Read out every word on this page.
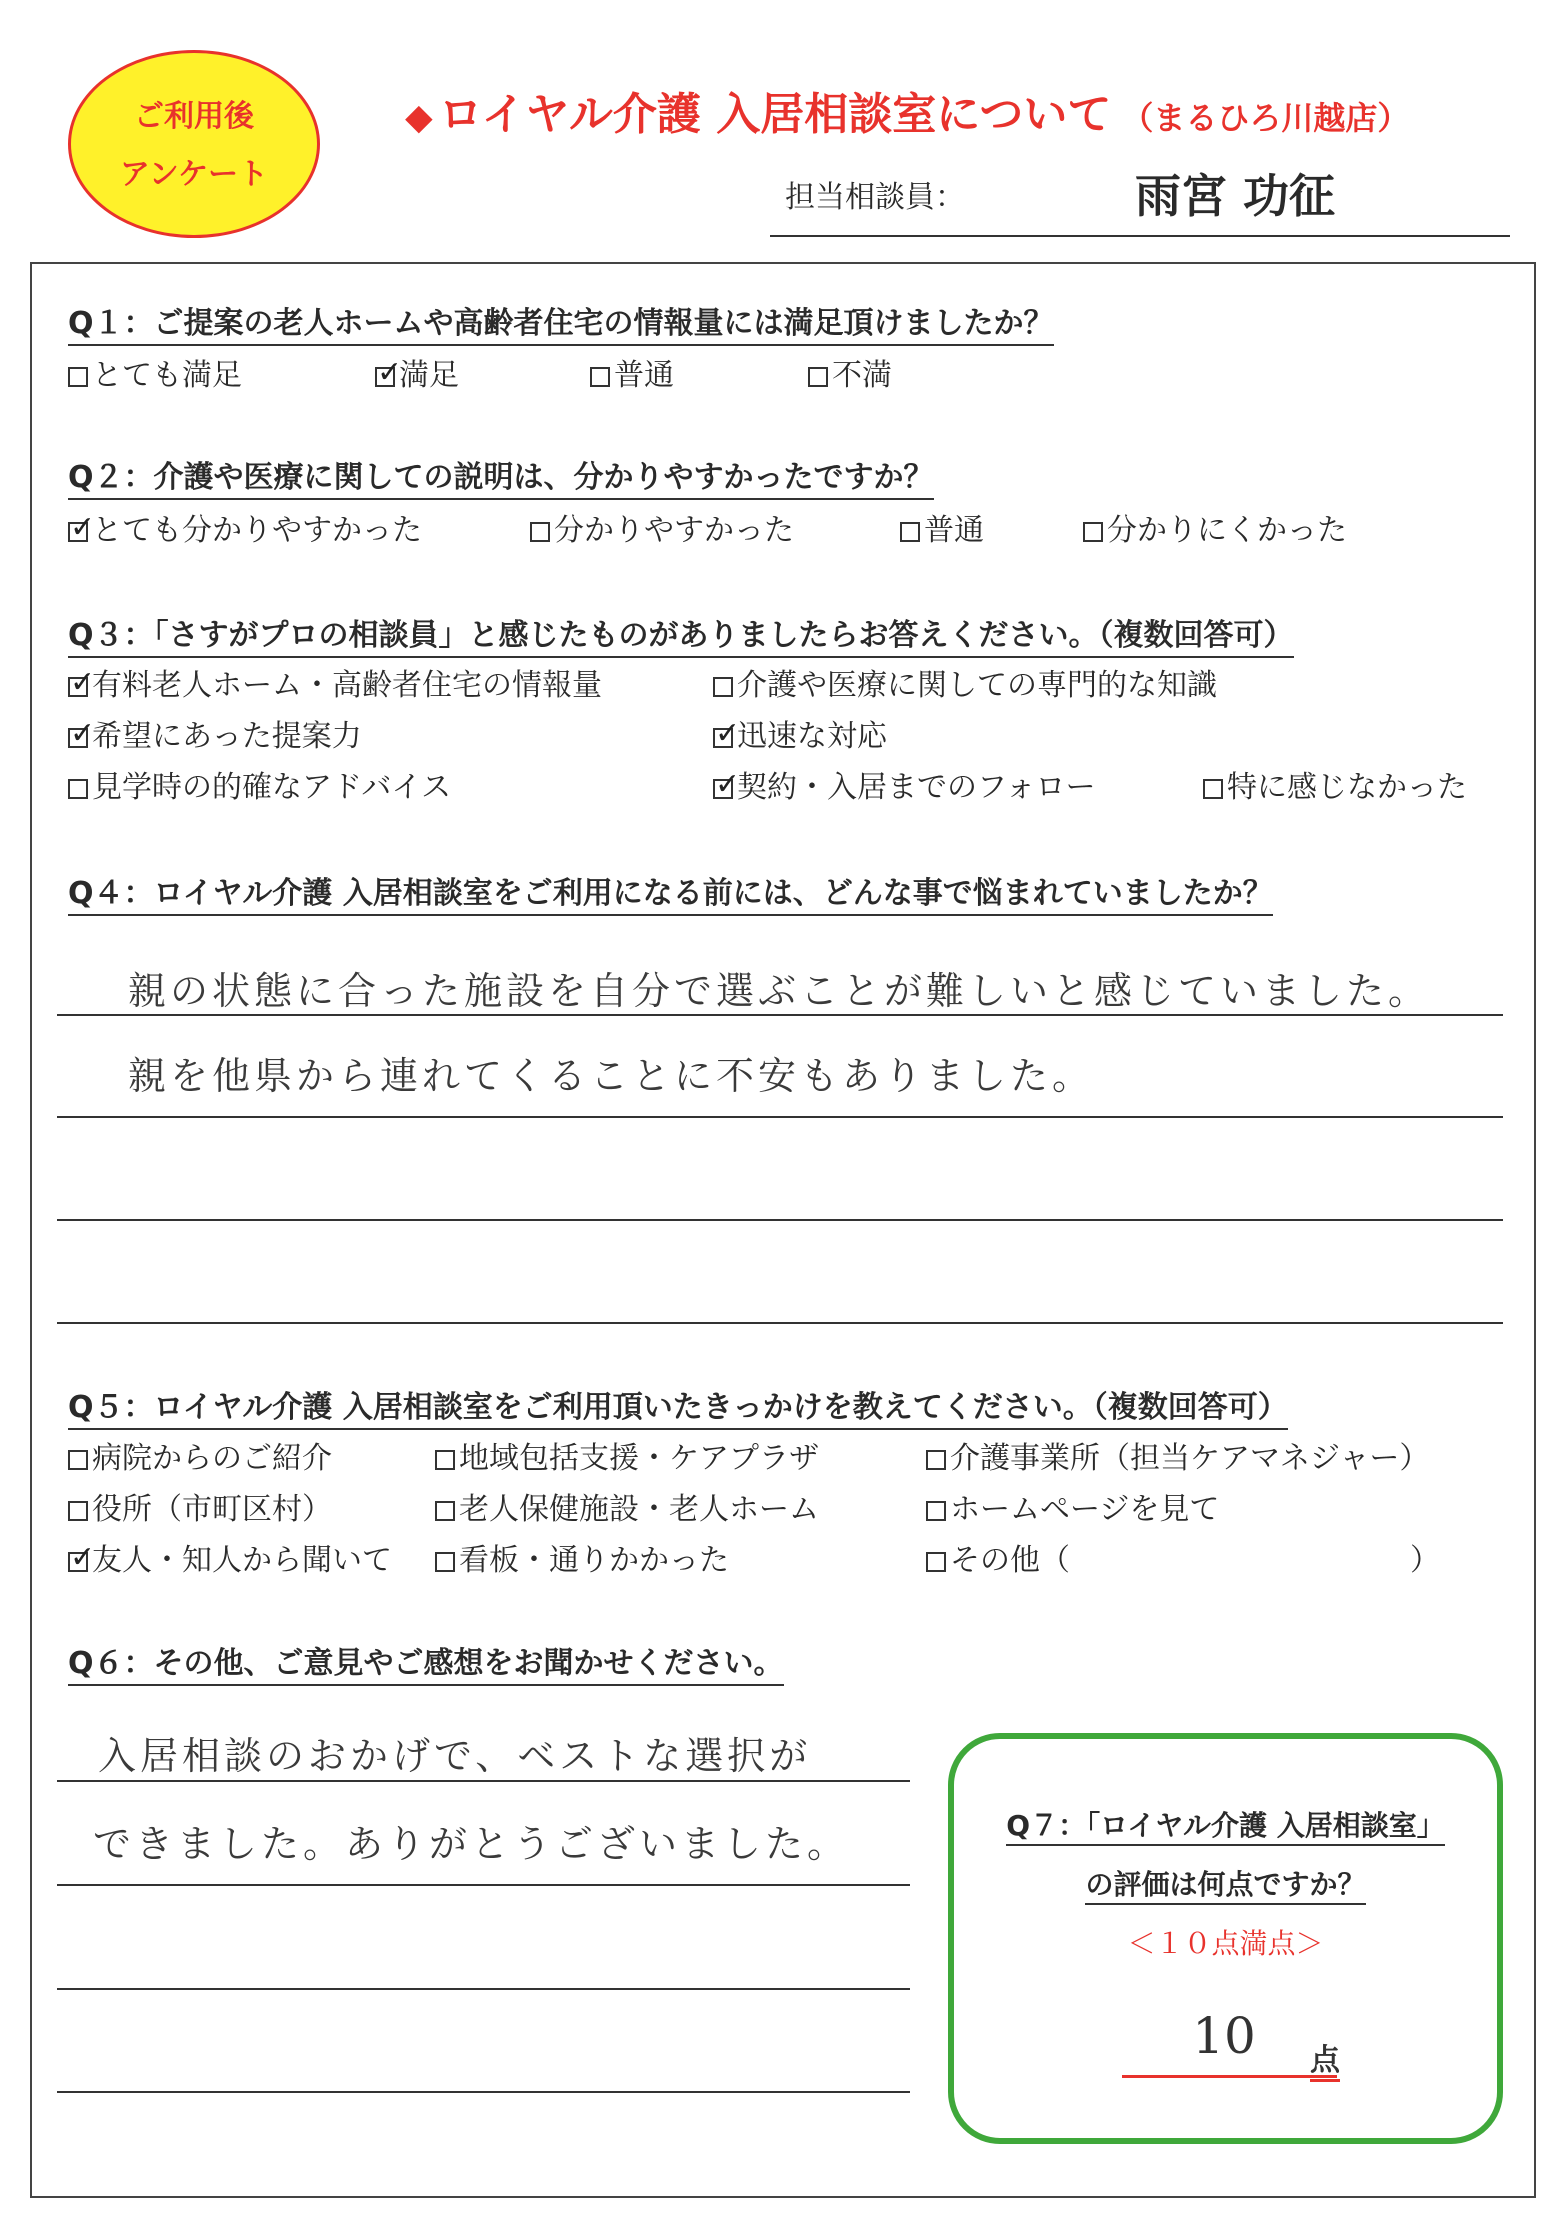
ご利用後
アンケート
◆ ロイヤル介護 入居相談室について （まるひろ川越店）
担当相談員：	雨宮 功征
Q１：ご提案の老人ホームや高齢者住宅の情報量には満足頂けましたか？
とても満足 ✓	満足	普通	不満
Q２：介護や医療に関しての説明は、分かりやすかったですか？
✓とても分かりやすかった	分かりやすかった	普通	分かりにくかった
Q３：「さすがプロの相談員」と感じたものがありましたらお答えください。（複数回答可）
✓有料老人ホーム・高齢者住宅の情報量	介護や医療に関しての専門的な知識
✓希望にあった提案力 ✓	迅速な対応
見学時の的確なアドバイス ✓	契約・入居までのフォロー	特に感じなかった
Q４：ロイヤル介護 入居相談室をご利用になる前には、どんな事で悩まれていましたか？
親の状態に合った施設を自分で選ぶことが難しいと感じていました。
親を他県から連れてくることに不安もありました。
Q５：ロイヤル介護 入居相談室をご利用頂いたきっかけを教えてください。（複数回答可）
病院からのご紹介	地域包括支援・ケアプラザ	介護事業所（担当ケアマネジャー）
役所（市町区村）	老人保健施設・老人ホーム	ホームページを見て
✓友人・知人から聞いて	看板・通りかかった	その他（	）
Q６：その他、ご意見やご感想をお聞かせください。
入居相談のおかげで、ベストな選択が
できました。ありがとうございました。	Q７：「ロイヤル介護 入居相談室」
の評価は何点ですか？
＜１０点満点＞
10	点
